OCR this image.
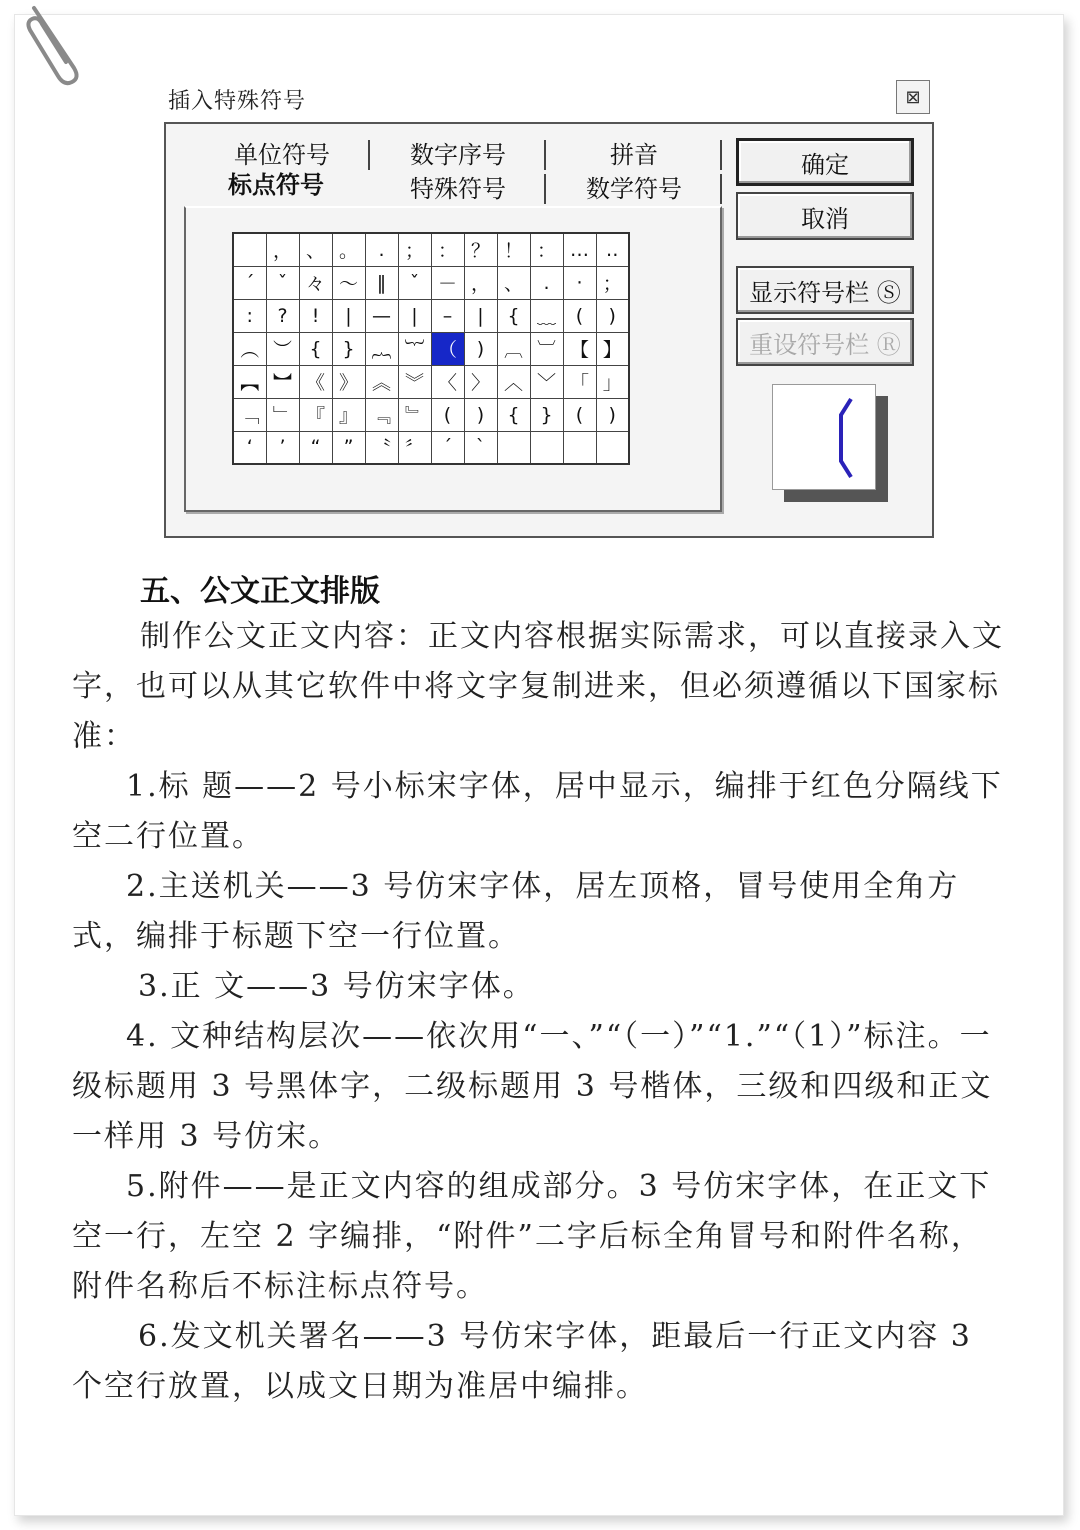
插入特殊符号	⊠
单位符号	数字序号	拼音
标点符号	特殊符号	数学符号
	，	、	。	.	；	：	？	！	：	…	‥
´	ˇ	々	～	‖	ˇ	－	，	、	.	·	；
:	?	!	|	—	|	–	|	{	﹏	(	)
︵	︶	{	}	︷	︸	（	)	︹	︺	【	】
︻	︼	《	》	︽	︾	〈	〉	︿	﹀	「	」
﹁	﹂	『	』	﹃	﹄	(	)	{	}	(	)
‘	’	“	”	〝	〞	ˊ	ˋ				
确定
取消
显示符号栏 Ⓢ
重设符号栏 Ⓡ
五、公文正文排版

制作公文正文内容：正文内容根据实际需求，可以直接录入文字，也可以从其它软件中将文字复制进来，但必须遵循以下国家标准：

1.标 题——2 号小标宋字体，居中显示，编排于红色分隔线下空二行位置。

2.主送机关——3 号仿宋字体，居左顶格，冒号使用全角方式，编排于标题下空一行位置。

3.正 文——3 号仿宋字体。

4. 文种结构层次——依次用“一、”“（一）”“1.”“（1）”标注。一级标题用 3 号黑体字，二级标题用 3 号楷体，三级和四级和正文一样用 3 号仿宋。

5.附件——是正文内容的组成部分。3 号仿宋字体，在正文下空一行，左空 2 字编排，“附件”二字后标全角冒号和附件名称，附件名称后不标注标点符号。

6.发文机关署名——3 号仿宋字体，距最后一行正文内容 3 个空行放置，以成文日期为准居中编排。
